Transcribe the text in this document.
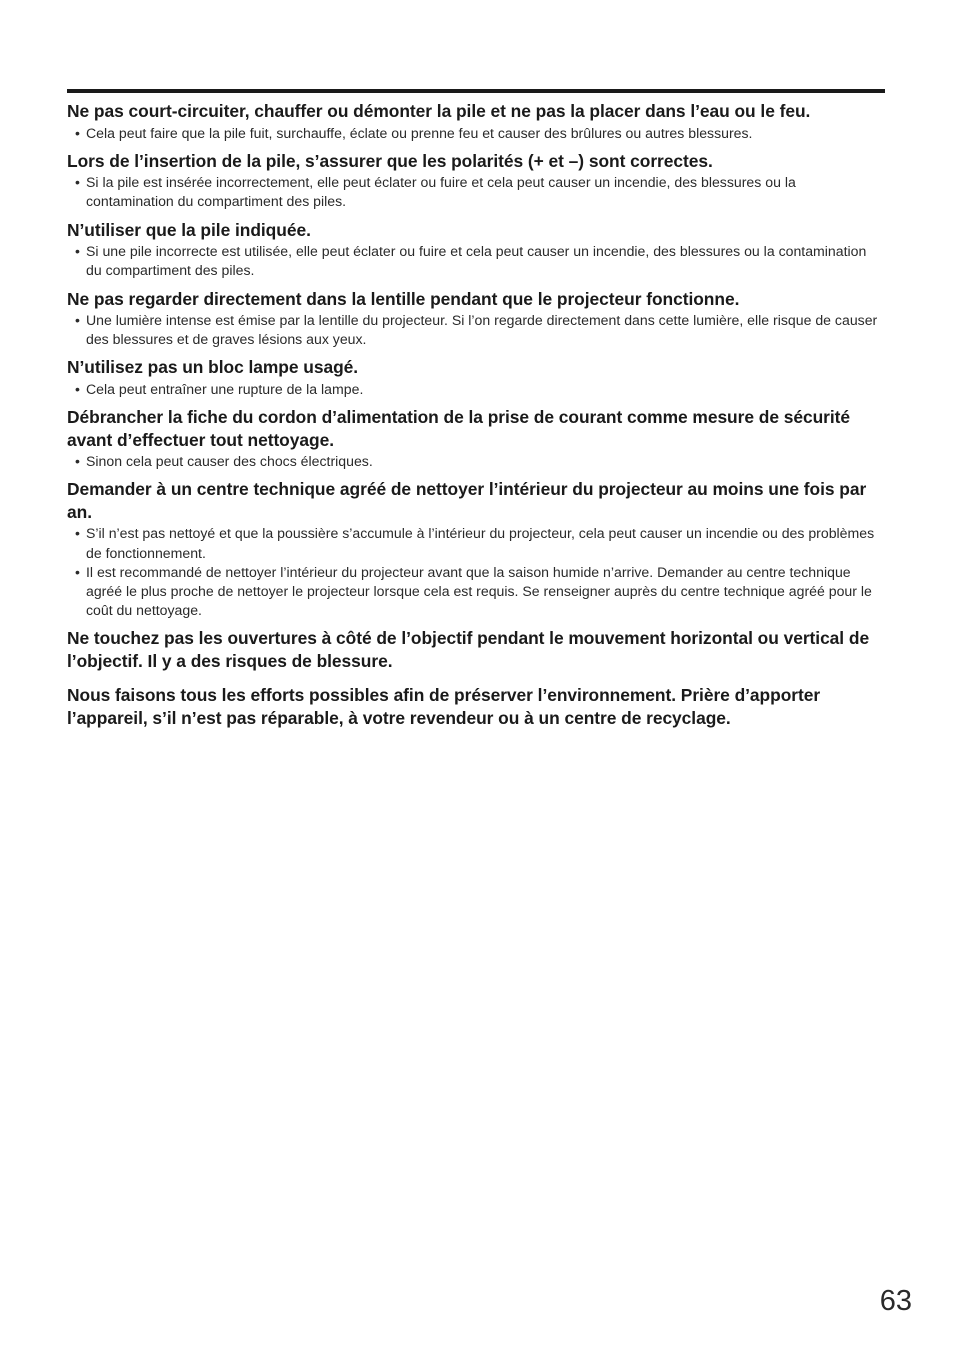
Ne pas court-circuiter, chauffer ou démonter la pile et ne pas la placer dans l’eau ou le feu.

• Cela peut faire que la pile fuit, surchauffe, éclate ou prenne feu et causer des brûlures ou autres blessures.

Lors de l’insertion de la pile, s’assurer que les polarités (+ et –) sont correctes.

• Si la pile est insérée incorrectement, elle peut éclater ou fuire et cela peut causer un incendie, des blessures ou la contamination du compartiment des piles.

N’utiliser que la pile indiquée.

• Si une pile incorrecte est utilisée, elle peut éclater ou fuire et cela peut causer un incendie, des blessures ou la contamination du compartiment des piles.

Ne pas regarder directement dans la lentille pendant que le projecteur fonctionne.

• Une lumière intense est émise par la lentille du projecteur. Si l’on regarde directement dans cette lumière, elle risque de causer des blessures et de graves lésions aux yeux.

N’utilisez pas un bloc lampe usagé.

• Cela peut entraîner une rupture de la lampe.

Débrancher la fiche du cordon d’alimentation de la prise de courant comme mesure de sécurité avant d’effectuer tout nettoyage.

• Sinon cela peut causer des chocs électriques.

Demander à un centre technique agréé de nettoyer l’intérieur du projecteur au moins une fois par an.

• S’il n’est pas nettoyé et que la poussière s’accumule à l’intérieur du projecteur, cela peut causer un incendie ou des problèmes de fonctionnement.
• Il est recommandé de nettoyer l’intérieur du projecteur avant que la saison humide n’arrive. Demander au centre technique agréé le plus proche de nettoyer le projecteur lorsque cela est requis. Se renseigner auprès du centre technique agréé pour le coût du nettoyage.

Ne touchez pas les ouvertures à côté de l’objectif pendant le mouvement horizontal ou vertical de l’objectif. Il y a des risques de blessure.

Nous faisons tous les efforts possibles afin de préserver l’environnement. Prière d’apporter l’appareil, s’il n’est pas réparable, à votre revendeur ou à un centre de recyclage.

63
